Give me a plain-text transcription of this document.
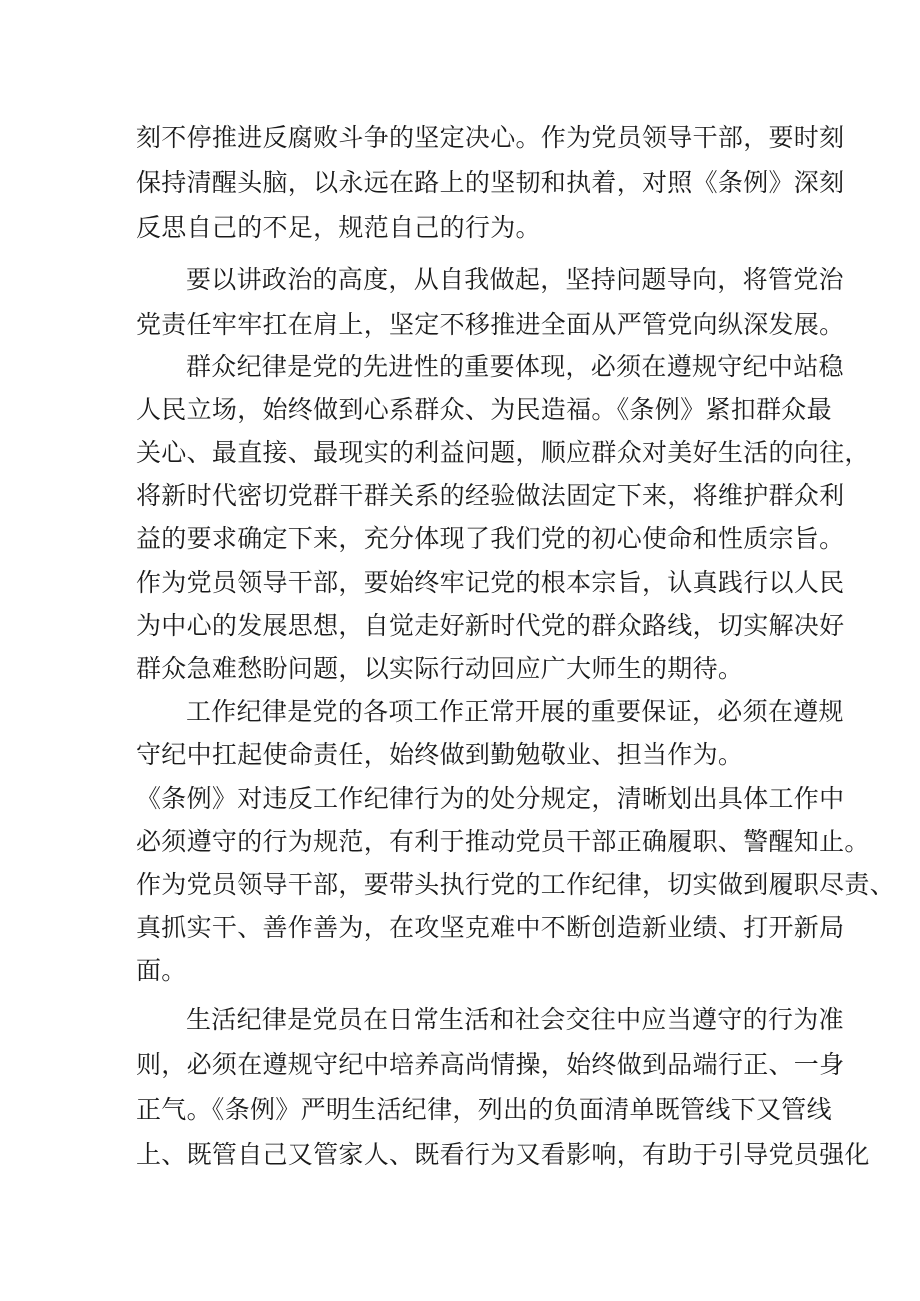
刻不停推进反腐败斗争的坚定决心。作为党员领导干部，要时刻
保持清醒头脑，以永远在路上的坚韧和执着，对照《条例》深刻
反思自己的不足，规范自己的行为。
要以讲政治的高度，从自我做起，坚持问题导向，将管党治
党责任牢牢扛在肩上，坚定不移推进全面从严管党向纵深发展。
群众纪律是党的先进性的重要体现，必须在遵规守纪中站稳
人民立场，始终做到心系群众、为民造福。《条例》紧扣群众最
关心、最直接、最现实的利益问题，顺应群众对美好生活的向往，
将新时代密切党群干群关系的经验做法固定下来，将维护群众利
益的要求确定下来，充分体现了我们党的初心使命和性质宗旨。
作为党员领导干部，要始终牢记党的根本宗旨，认真践行以人民
为中心的发展思想，自觉走好新时代党的群众路线，切实解决好
群众急难愁盼问题，以实际行动回应广大师生的期待。
工作纪律是党的各项工作正常开展的重要保证，必须在遵规
守纪中扛起使命责任，始终做到勤勉敬业、担当作为。
《条例》对违反工作纪律行为的处分规定，清晰划出具体工作中
必须遵守的行为规范，有利于推动党员干部正确履职、警醒知止。
作为党员领导干部，要带头执行党的工作纪律，切实做到履职尽责、
真抓实干、善作善为，在攻坚克难中不断创造新业绩、打开新局
面。
生活纪律是党员在日常生活和社会交往中应当遵守的行为准
则，必须在遵规守纪中培养高尚情操，始终做到品端行正、一身
正气。《条例》严明生活纪律，列出的负面清单既管线下又管线
上、既管自己又管家人、既看行为又看影响，有助于引导党员强化
